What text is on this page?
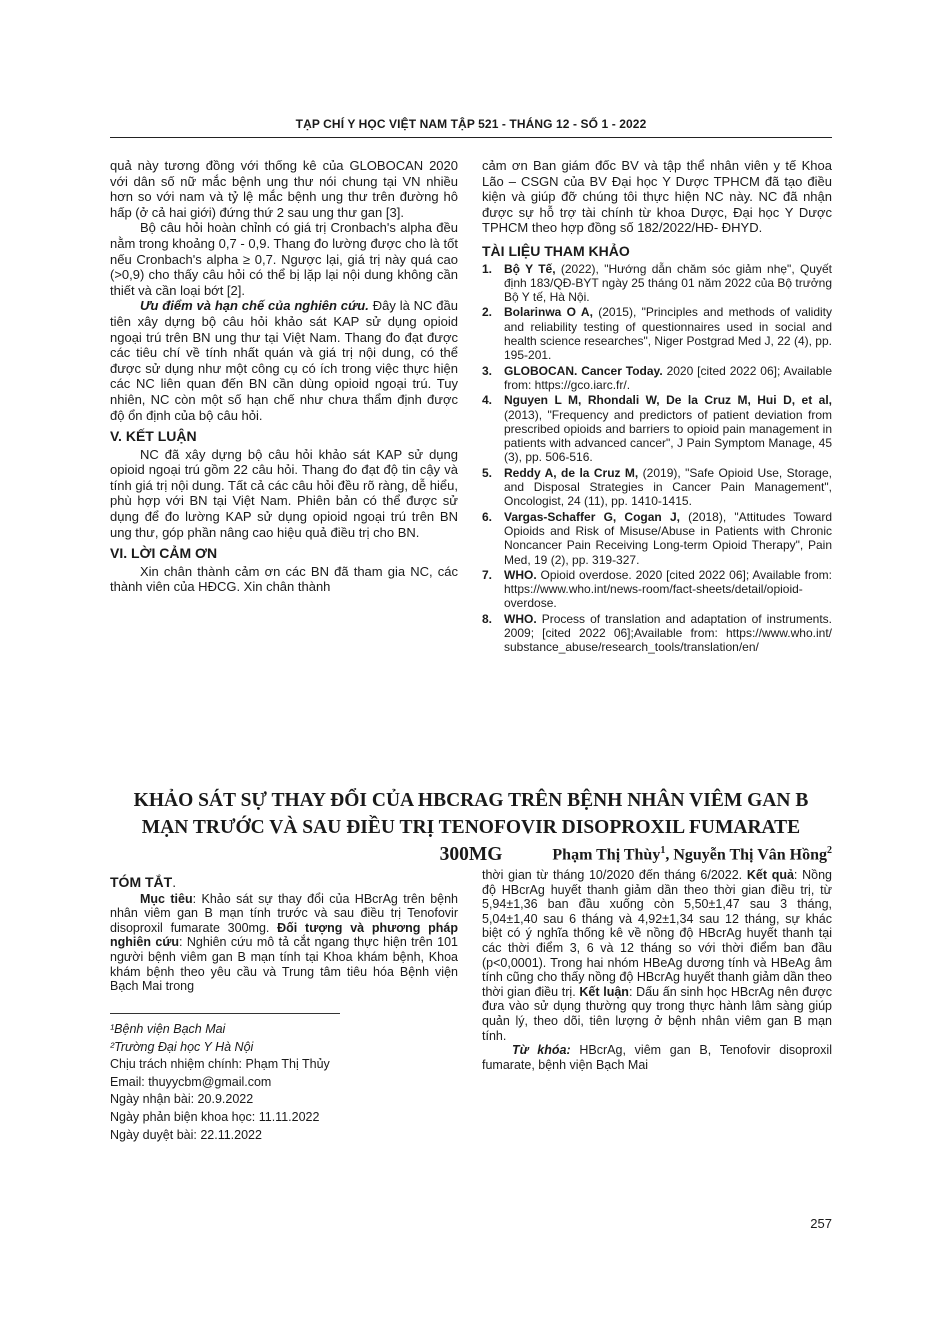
TẠP CHÍ Y HỌC VIỆT NAM TẬP 521 - THÁNG 12 - SỐ 1 - 2022

quả này tương đồng với thống kê của GLOBOCAN 2020 với dân số nữ mắc bệnh ung thư nói chung tại VN nhiều hơn so với nam và tỷ lệ mắc bệnh ung thư trên đường hô hấp (ở cả hai giới) đứng thứ 2 sau ung thư gan [3].

Bộ câu hỏi hoàn chỉnh có giá trị Cronbach's alpha đều nằm trong khoảng 0,7 - 0,9. Thang đo lường được cho là tốt nếu Cronbach's alpha ≥ 0,7. Ngược lại, giá trị này quá cao (>0,9) cho thấy câu hỏi có thể bị lặp lại nội dung không cần thiết và cần loại bớt [2].

Ưu điểm và hạn chế của nghiên cứu. Đây là NC đầu tiên xây dựng bộ câu hỏi khảo sát KAP sử dụng opioid ngoại trú trên BN ung thư tại Việt Nam. Thang đo đạt được các tiêu chí về tính nhất quán và giá trị nội dung, có thể được sử dụng như một công cụ có ích trong việc thực hiện các NC liên quan đến BN cần dùng opioid ngoại trú. Tuy nhiên, NC còn một số hạn chế như chưa thẩm định được độ ổn định của bộ câu hỏi.

V. KẾT LUẬN

NC đã xây dựng bộ câu hỏi khảo sát KAP sử dụng opioid ngoại trú gồm 22 câu hỏi. Thang đo đạt độ tin cậy và tính giá trị nội dung. Tất cả các câu hỏi đều rõ ràng, dễ hiểu, phù hợp với BN tại Việt Nam. Phiên bản có thể được sử dụng để đo lường KAP sử dụng opioid ngoại trú trên BN ung thư, góp phần nâng cao hiệu quả điều trị cho BN.

VI. LỜI CẢM ƠN

Xin chân thành cảm ơn các BN đã tham gia NC, các thành viên của HĐCG. Xin chân thành

cảm ơn Ban giám đốc BV và tập thể nhân viên y tế Khoa Lão – CSGN của BV Đại học Y Dược TPHCM đã tạo điều kiện và giúp đỡ chúng tôi thực hiện NC này. NC đã nhận được sự hỗ trợ tài chính từ khoa Dược, Đại học Y Dược TPHCM theo hợp đồng số 182/2022/HĐ- ĐHYD.

TÀI LIỆU THAM KHẢO
1. Bộ Y Tế, (2022), "Hướng dẫn chăm sóc giảm nhẹ", Quyết định 183/QĐ-BYT ngày 25 tháng 01 năm 2022 của Bộ trưởng Bộ Y tế, Hà Nội.
2. Bolarinwa O A, (2015), "Principles and methods of validity and reliability testing of questionnaires used in social and health science researches", Niger Postgrad Med J, 22 (4), pp. 195-201.
3. GLOBOCAN. Cancer Today. 2020 [cited 2022 06]; Available from: https://gco.iarc.fr/.
4. Nguyen L M, Rhondali W, De la Cruz M, Hui D, et al, (2013), "Frequency and predictors of patient deviation from prescribed opioids and barriers to opioid pain management in patients with advanced cancer", J Pain Symptom Manage, 45 (3), pp. 506-516.
5. Reddy A, de la Cruz M, (2019), "Safe Opioid Use, Storage, and Disposal Strategies in Cancer Pain Management", Oncologist, 24 (11), pp. 1410-1415.
6. Vargas-Schaffer G, Cogan J, (2018), "Attitudes Toward Opioids and Risk of Misuse/Abuse in Patients with Chronic Noncancer Pain Receiving Long-term Opioid Therapy", Pain Med, 19 (2), pp. 319-327.
7. WHO. Opioid overdose. 2020 [cited 2022 06]; Available from: https://www.who.int/news-room/fact-sheets/detail/opioid-overdose.
8. WHO. Process of translation and adaptation of instruments. 2009; [cited 2022 06];Available from: https://www.who.int/ substance_abuse/research_tools/translation/en/
KHẢO SÁT SỰ THAY ĐỔI CỦA HBCRAG TRÊN BỆNH NHÂN VIÊM GAN B
MẠN TRƯỚC VÀ SAU ĐIỀU TRỊ TENOFOVIR DISOPROXIL FUMARATE 300MG	Phạm Thị Thùy$^1$, Nguyễn Thị Vân Hồng$^2$
TÓM TẮT.

Mục tiêu: Khảo sát sự thay đổi của HBcrAg trên bệnh nhân viêm gan B mạn tính trước và sau điều trị Tenofovir disoproxil fumarate 300mg. Đối tượng và phương pháp nghiên cứu: Nghiên cứu mô tả cắt ngang thực hiện trên 101 người bệnh viêm gan B mạn tính tại Khoa khám bệnh, Khoa khám bệnh theo yêu cầu và Trung tâm tiêu hóa Bệnh viện Bạch Mai trong

thời gian từ tháng 10/2020 đến tháng 6/2022. Kết quả: Nồng độ HBcrAg huyết thanh giảm dần theo thời gian điều trị, từ 5,94±1,36 ban đầu xuống còn 5,50±1,47 sau 3 tháng, 5,04±1,40 sau 6 tháng và 4,92±1,34 sau 12 tháng, sự khác biệt có ý nghĩa thống kê về nồng độ HBcrAg huyết thanh tại các thời điểm 3, 6 và 12 tháng so với thời điểm ban đầu (p<0,0001). Trong hai nhóm HBeAg dương tính và HBeAg âm tính cũng cho thấy nồng độ HBcrAg huyết thanh giảm dần theo thời gian điều trị. Kết luận: Dấu ấn sinh học HBcrAg nên được đưa vào sử dụng thường quy trong thực hành lâm sàng giúp quản lý, theo dõi, tiên lượng ở bệnh nhân viêm gan B mạn tính.

Từ khóa: HBcrAg, viêm gan B, Tenofovir disoproxil fumarate, bệnh viện Bạch Mai

¹Bệnh viện Bạch Mai
²Trường Đại học Y Hà Nội
Chịu trách nhiệm chính: Phạm Thị Thủy
Email: thuyycbm@gmail.com
Ngày nhận bài: 20.9.2022
Ngày phản biện khoa học: 11.11.2022
Ngày duyệt bài: 22.11.2022
257
